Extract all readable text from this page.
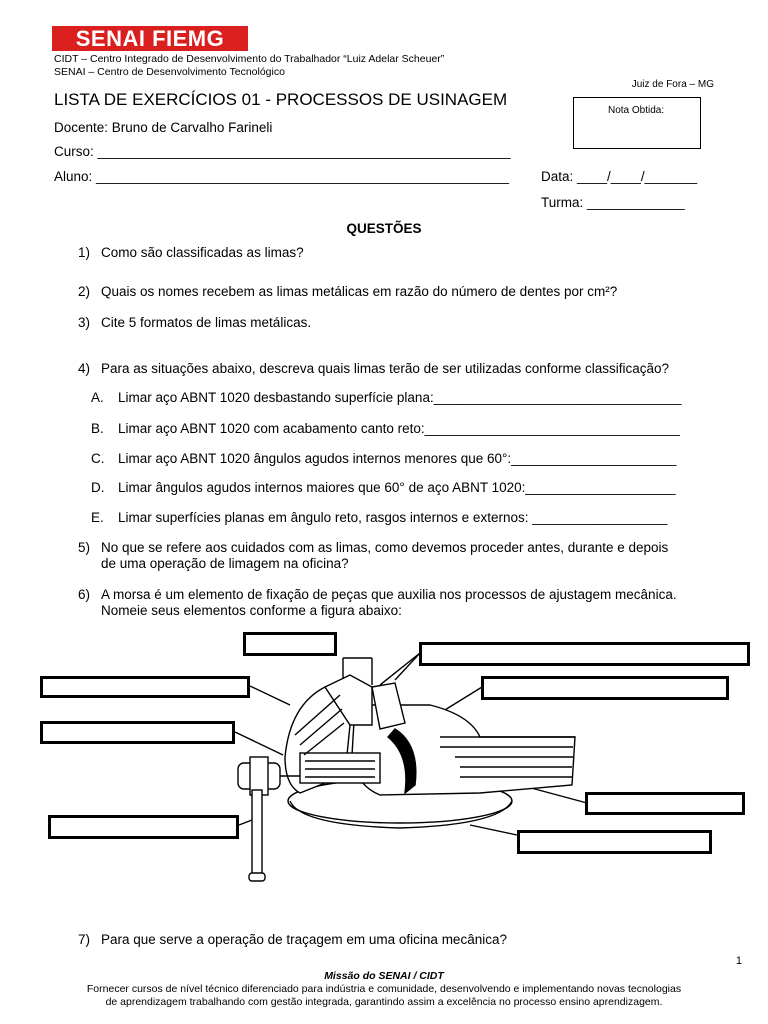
SENAI FIEMG
CIDT – Centro Integrado de Desenvolvimento do Trabalhador “Luiz Adelar Scheuer”
SENAI – Centro de Desenvolvimento Tecnológico
Juiz de Fora – MG
LISTA DE EXERCÍCIOS 01 - PROCESSOS DE USINAGEM
Nota Obtida:
Docente: Bruno de Carvalho Farineli
Curso: _______________________________________________________
Aluno: _______________________________________________________ Data: ____/____/_______
Turma: _____________
QUESTÕES
1) Como são classificadas as limas?
2) Quais os nomes recebem as limas metálicas em razão do número de dentes por cm²?
3) Cite 5 formatos de limas metálicas.
4) Para as situações abaixo, descreva quais limas terão de ser utilizadas conforme classificação?
A. Limar aço ABNT 1020 desbastando superfície plana:_________________________________
B. Limar aço ABNT 1020 com acabamento canto reto:__________________________________
C. Limar aço ABNT 1020 ângulos agudos internos menores que 60°:______________________
D. Limar ângulos agudos internos maiores que 60° de aço ABNT 1020:____________________
E. Limar superfícies planas em ângulo reto, rasgos internos e externos: __________________
5) No que se refere aos cuidados com as limas, como devemos proceder antes, durante e depois
de uma operação de limagem na oficina?
6) A morsa é um elemento de fixação de peças que auxilia nos processos de ajustagem mecânica.
Nomeie seus elementos conforme a figura abaixo:
7) Para que serve a operação de traçagem em uma oficina mecânica?
1
Missão do SENAI / CIDT
Fornecer cursos de nível técnico diferenciado para indústria e comunidade, desenvolvendo e implementando novas tecnologias
de aprendizagem trabalhando com gestão integrada, garantindo assim a excelência no processo ensino aprendizagem.
